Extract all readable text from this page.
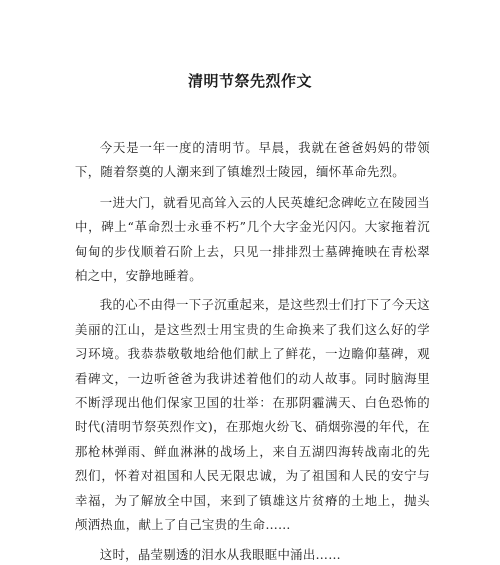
清明节祭先烈作文

今天是一年一度的清明节。早晨，我就在爸爸妈妈的带领下，随着祭奠的人潮来到了镇雄烈士陵园，缅怀革命先烈。

一进大门，就看见高耸入云的人民英雄纪念碑屹立在陵园当中，碑上“革命烈士永垂不朽”几个大字金光闪闪。大家拖着沉甸甸的步伐顺着石阶上去，只见一排排烈士墓碑掩映在青松翠柏之中，安静地睡着。

我的心不由得一下子沉重起来，是这些烈士们打下了今天这美丽的江山，是这些烈士用宝贵的生命换来了我们这么好的学习环境。我恭恭敬敬地给他们献上了鲜花，一边瞻仰墓碑，观看碑文，一边听爸爸为我讲述着他们的动人故事。同时脑海里不断浮现出他们保家卫国的壮举：在那阴霾满天、白色恐怖的时代(清明节祭英烈作文)，在那炮火纷飞、硝烟弥漫的年代，在那枪林弹雨、鲜血淋淋的战场上，来自五湖四海转战南北的先烈们，怀着对祖国和人民无限忠诚，为了祖国和人民的安宁与幸福，为了解放全中国，来到了镇雄这片贫瘠的土地上，抛头颅洒热血，献上了自己宝贵的生命……

这时，晶莹剔透的泪水从我眼眶中涌出……
